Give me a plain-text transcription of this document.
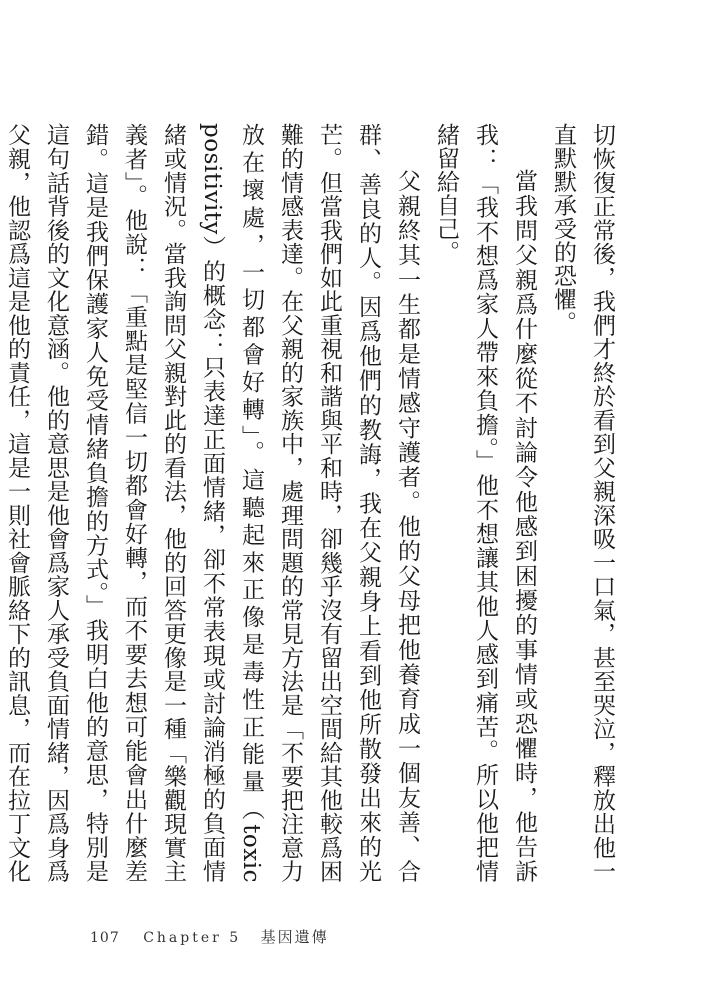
切恢復正常後，我們才終於看到父親深吸一口氣，甚至哭泣，釋放出他一直默默承受的恐懼。

當我問父親爲什麼從不討論令他感到困擾的事情或恐懼時，他告訴我：「我不想爲家人帶來負擔。」他不想讓其他人感到痛苦。所以他把情緒留給自己。

父親終其一生都是情感守護者。他的父母把他養育成一個友善、合群、善良的人。因爲他們的教誨，我在父親身上看到他所散發出來的光芒。但當我們如此重視和諧與平和時，卻幾乎沒有留出空間給其他較爲困難的情感表達。在父親的家族中，處理問題的常見方法是「不要把注意力放在壞處，一切都會好轉」。這聽起來正像是毒性正能量（toxic positivity）的概念：只表達正面情緒，卻不常表現或討論消極的負面情緒或情況。當我詢問父親對此的看法，他的回答更像是一種「樂觀現實主義者」。他說：「重點是堅信一切都會好轉，而不要去想可能會出什麼差錯。這是我們保護家人免受情緒負擔的方式。」我明白他的意思，特別是這句話背後的文化意涵。他的意思是他會爲家人承受負面情緒，因爲身爲父親，他認爲這是他的責任，這是一則社會脈絡下的訊息，而在拉丁文化

107 Chapter 5 基因遺傳
